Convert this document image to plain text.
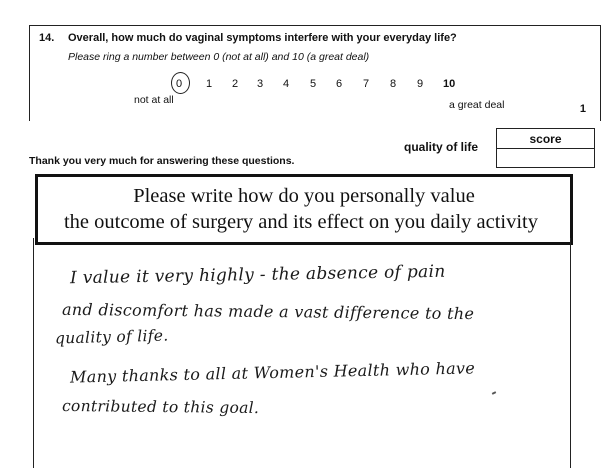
14. Overall, how much do vaginal symptoms interfere with your everyday life?
Please ring a number between 0 (not at all) and 10 (a great deal)
0 1 2 3 4 5 6 7 8 9 10
not at all	a great deal	1
quality of life
score
Thank you very much for answering these questions.
Please write how do you personally value
the outcome of surgery and its effect on you daily activity
I value it very highly - the absence of pain
and discomfort has made a vast difference to the
quality of life.
Many thanks to all at Women's Health who have
contributed to this goal.
